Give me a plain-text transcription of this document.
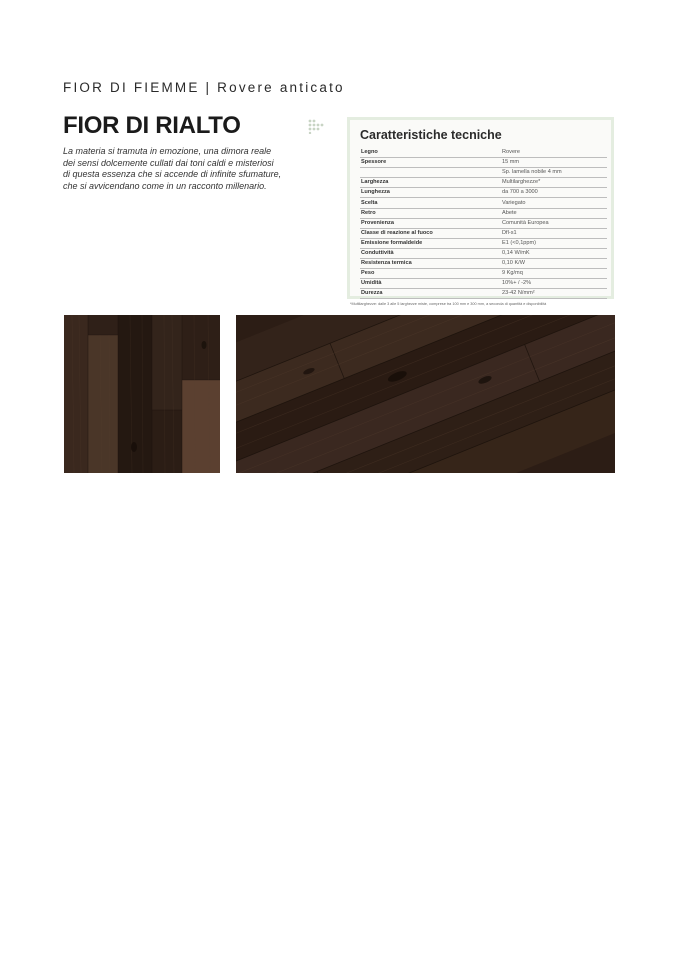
FIOR DI FIEMME | Rovere anticato
FIOR DI RIALTO
La materia si tramuta in emozione, una dimora reale
dei sensi dolcemente cullati dai toni caldi e misteriosi
di questa essenza che si accende di infinite sfumature,
che si avvicendano come in un racconto millenario.
Caratteristiche tecniche
Legno	Rovere
Spessore	15 mm
	Sp. lamella nobile 4 mm
Larghezza	Multilarghezze*
Lunghezza	da 700 a 3000
Scelta	Variegato
Retro	Abete
Provenienza	Comunità Europea
Classe di reazione al fuoco	Dfl-s1
Emissione formaldeide	E1 (<0,1ppm)
Conduttività	0,14 W/mK
Resistenza termica	0,10 K/W
Peso	9 Kg/mq
Umidità	10%+ / -2%
Durezza	23-42 N/mm²
*Multilarghezze: dalle 3 alle 5 larghezze miste, comprese tra 100 mm e 300 mm, a seconda di quantità e disponibilità
